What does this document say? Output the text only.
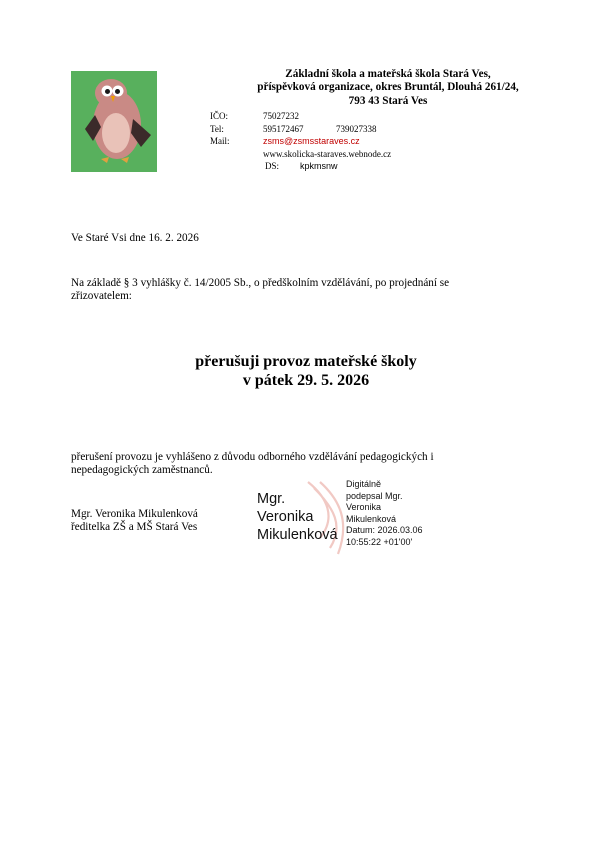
Základní škola a mateřská škola Stará Ves,
příspěvková organizace, okres Bruntál, Dlouhá 261/24,
793 43 Stará Ves
IČO:	75027232
Tel:	595172467	739027338
Mail:	zsms@zsmsstaraves.cz
www.skolicka-staraves.webnode.cz
DS: kpkmsnw
Ve Staré Vsi dne 16. 2. 2026
Na základě § 3 vyhlášky č. 14/2005 Sb., o předškolním vzdělávání, po projednání se
zřizovatelem:
přerušuji provoz mateřské školy
v pátek 29. 5. 2026
přerušení provozu je vyhlášeno z důvodu odborného vzdělávání pedagogických i
nepedagogických zaměstnanců.
Mgr. Veronika Mikulenková
ředitelka ZŠ a MŠ Stará Ves
Mgr.
Veronika
Mikulenková
Digitálně
podepsal Mgr.
Veronika
Mikulenková
Datum: 2026.03.06
10:55:22 +01'00'
